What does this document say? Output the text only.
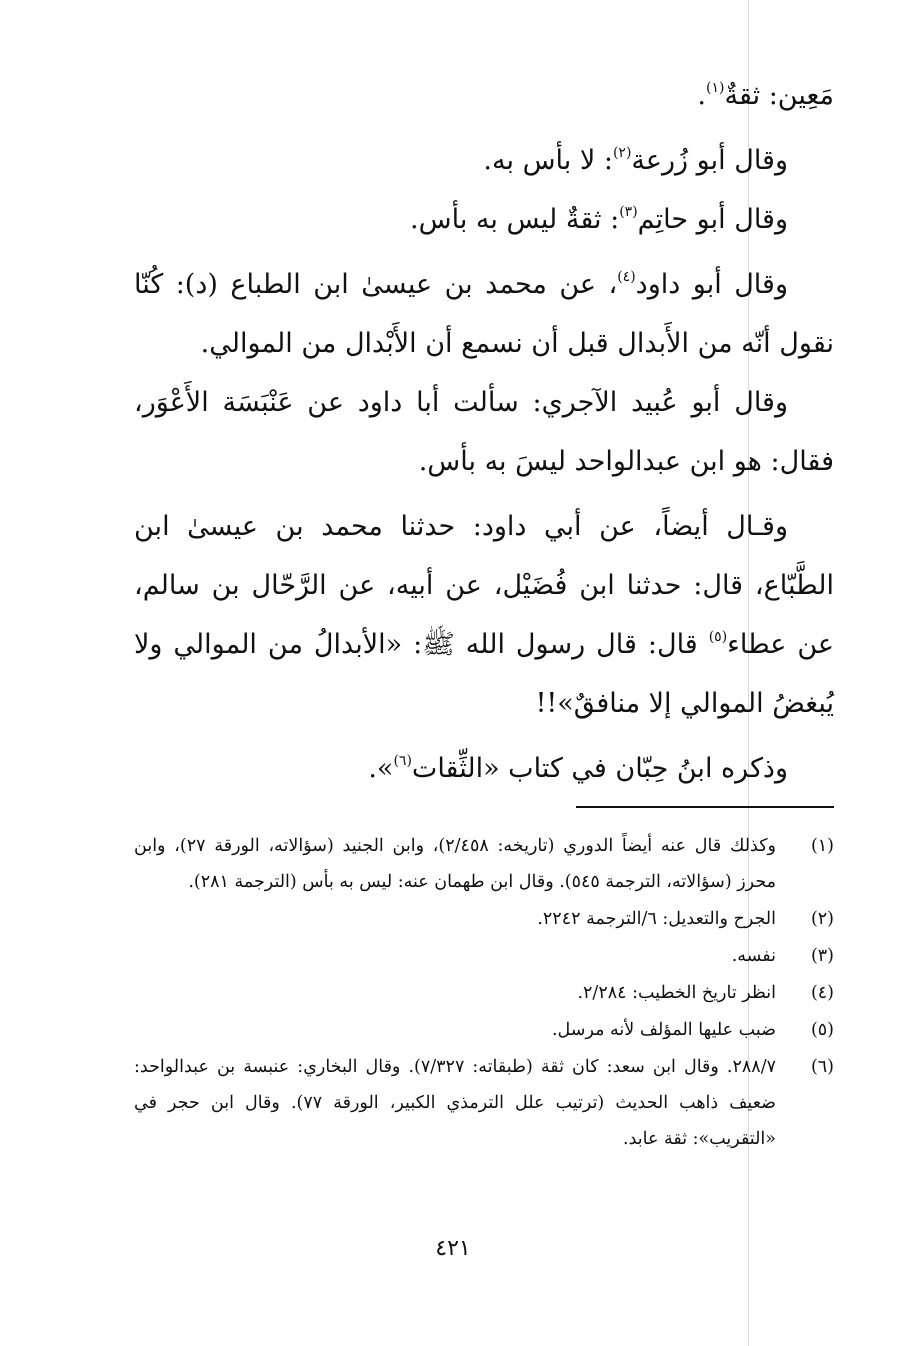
مَعِين: ثقةٌ$^{(١)}$.

وقال أبو زُرعة$^{(٢)}$: لا بأس به.

وقال أبو حاتِم$^{(٣)}$: ثقةٌ ليس به بأس.

وقال أبو داود$^{(٤)}$، عن محمد بن عيسىٰ ابن الطباع (د): كُنّا نقول أنّه من الأَبدال قبل أن نسمع أن الأَبْدال من الموالي.

وقال أبو عُبيد الآجري: سألت أبا داود عن عَنْبَسَة الأَعْوَر، فقال: هو ابن عبدالواحد ليسَ به بأس.

وقـال أيضاً، عن أبي داود: حدثنا محمد بن عيسىٰ ابن الطَّبّاع، قال: حدثنا ابن فُضَيْل، عن أبيه، عن الرَّحّال بن سالم، عن عطاء$^{(٥)}$ قال: قال رسول الله ﷺ: «الأبدالُ من الموالي ولا يُبغضُ الموالي إلا منافقٌ»!!

وذكره ابنُ حِبّان في كتاب «الثِّقات$^{(٦)}$».

(١)
وكذلك قال عنه أيضاً الدوري (تاريخه: ٢/٤٥٨)، وابن الجنيد (سؤالاته، الورقة ٢٧)، وابن محرز (سؤالاته، الترجمة ٥٤٥). وقال ابن طهمان عنه: ليس به بأس (الترجمة ٢٨١).
(٢)
الجرح والتعديل: ٦/الترجمة ٢٢٤٢.
(٣)
نفسه.
(٤)
انظر تاريخ الخطيب: ٢/٢٨٤.
(٥)
ضبب عليها المؤلف لأنه مرسل.
(٦)
٢٨٨/٧. وقال ابن سعد: كان ثقة (طبقاته: ٧/٣٢٧). وقال البخاري: عنبسة بن عبدالواحد: ضعيف ذاهب الحديث (ترتيب علل الترمذي الكبير، الورقة ٧٧). وقال ابن حجر في «التقريب»: ثقة عابد.
٤٢١
